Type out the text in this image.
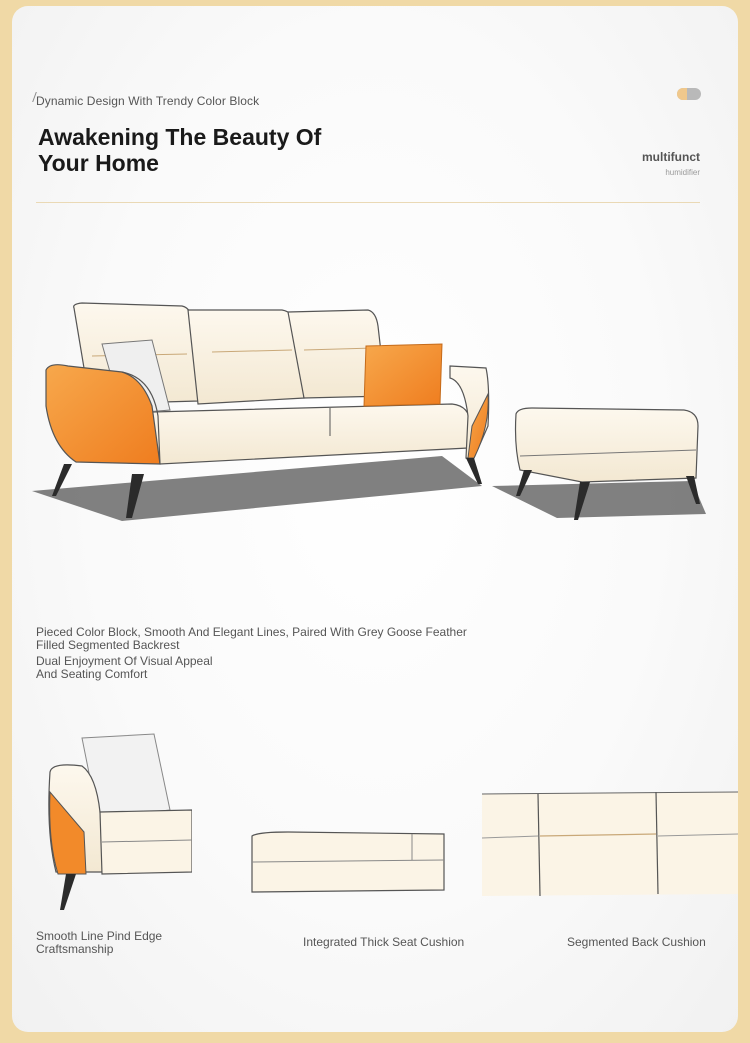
Dynamic Design With Trendy Color Block
Awakening The Beauty Of Your Home	multifunct
humidifier

Pieced Color Block, Smooth And Elegant Lines, Paired With Grey Goose Feather Filled Segmented Backrest

Dual Enjoyment Of Visual Appeal And Seating Comfort

Smooth Line Pind Edge Craftsmanship	Integrated Thick Seat Cushion	Segmented Back Cushion
